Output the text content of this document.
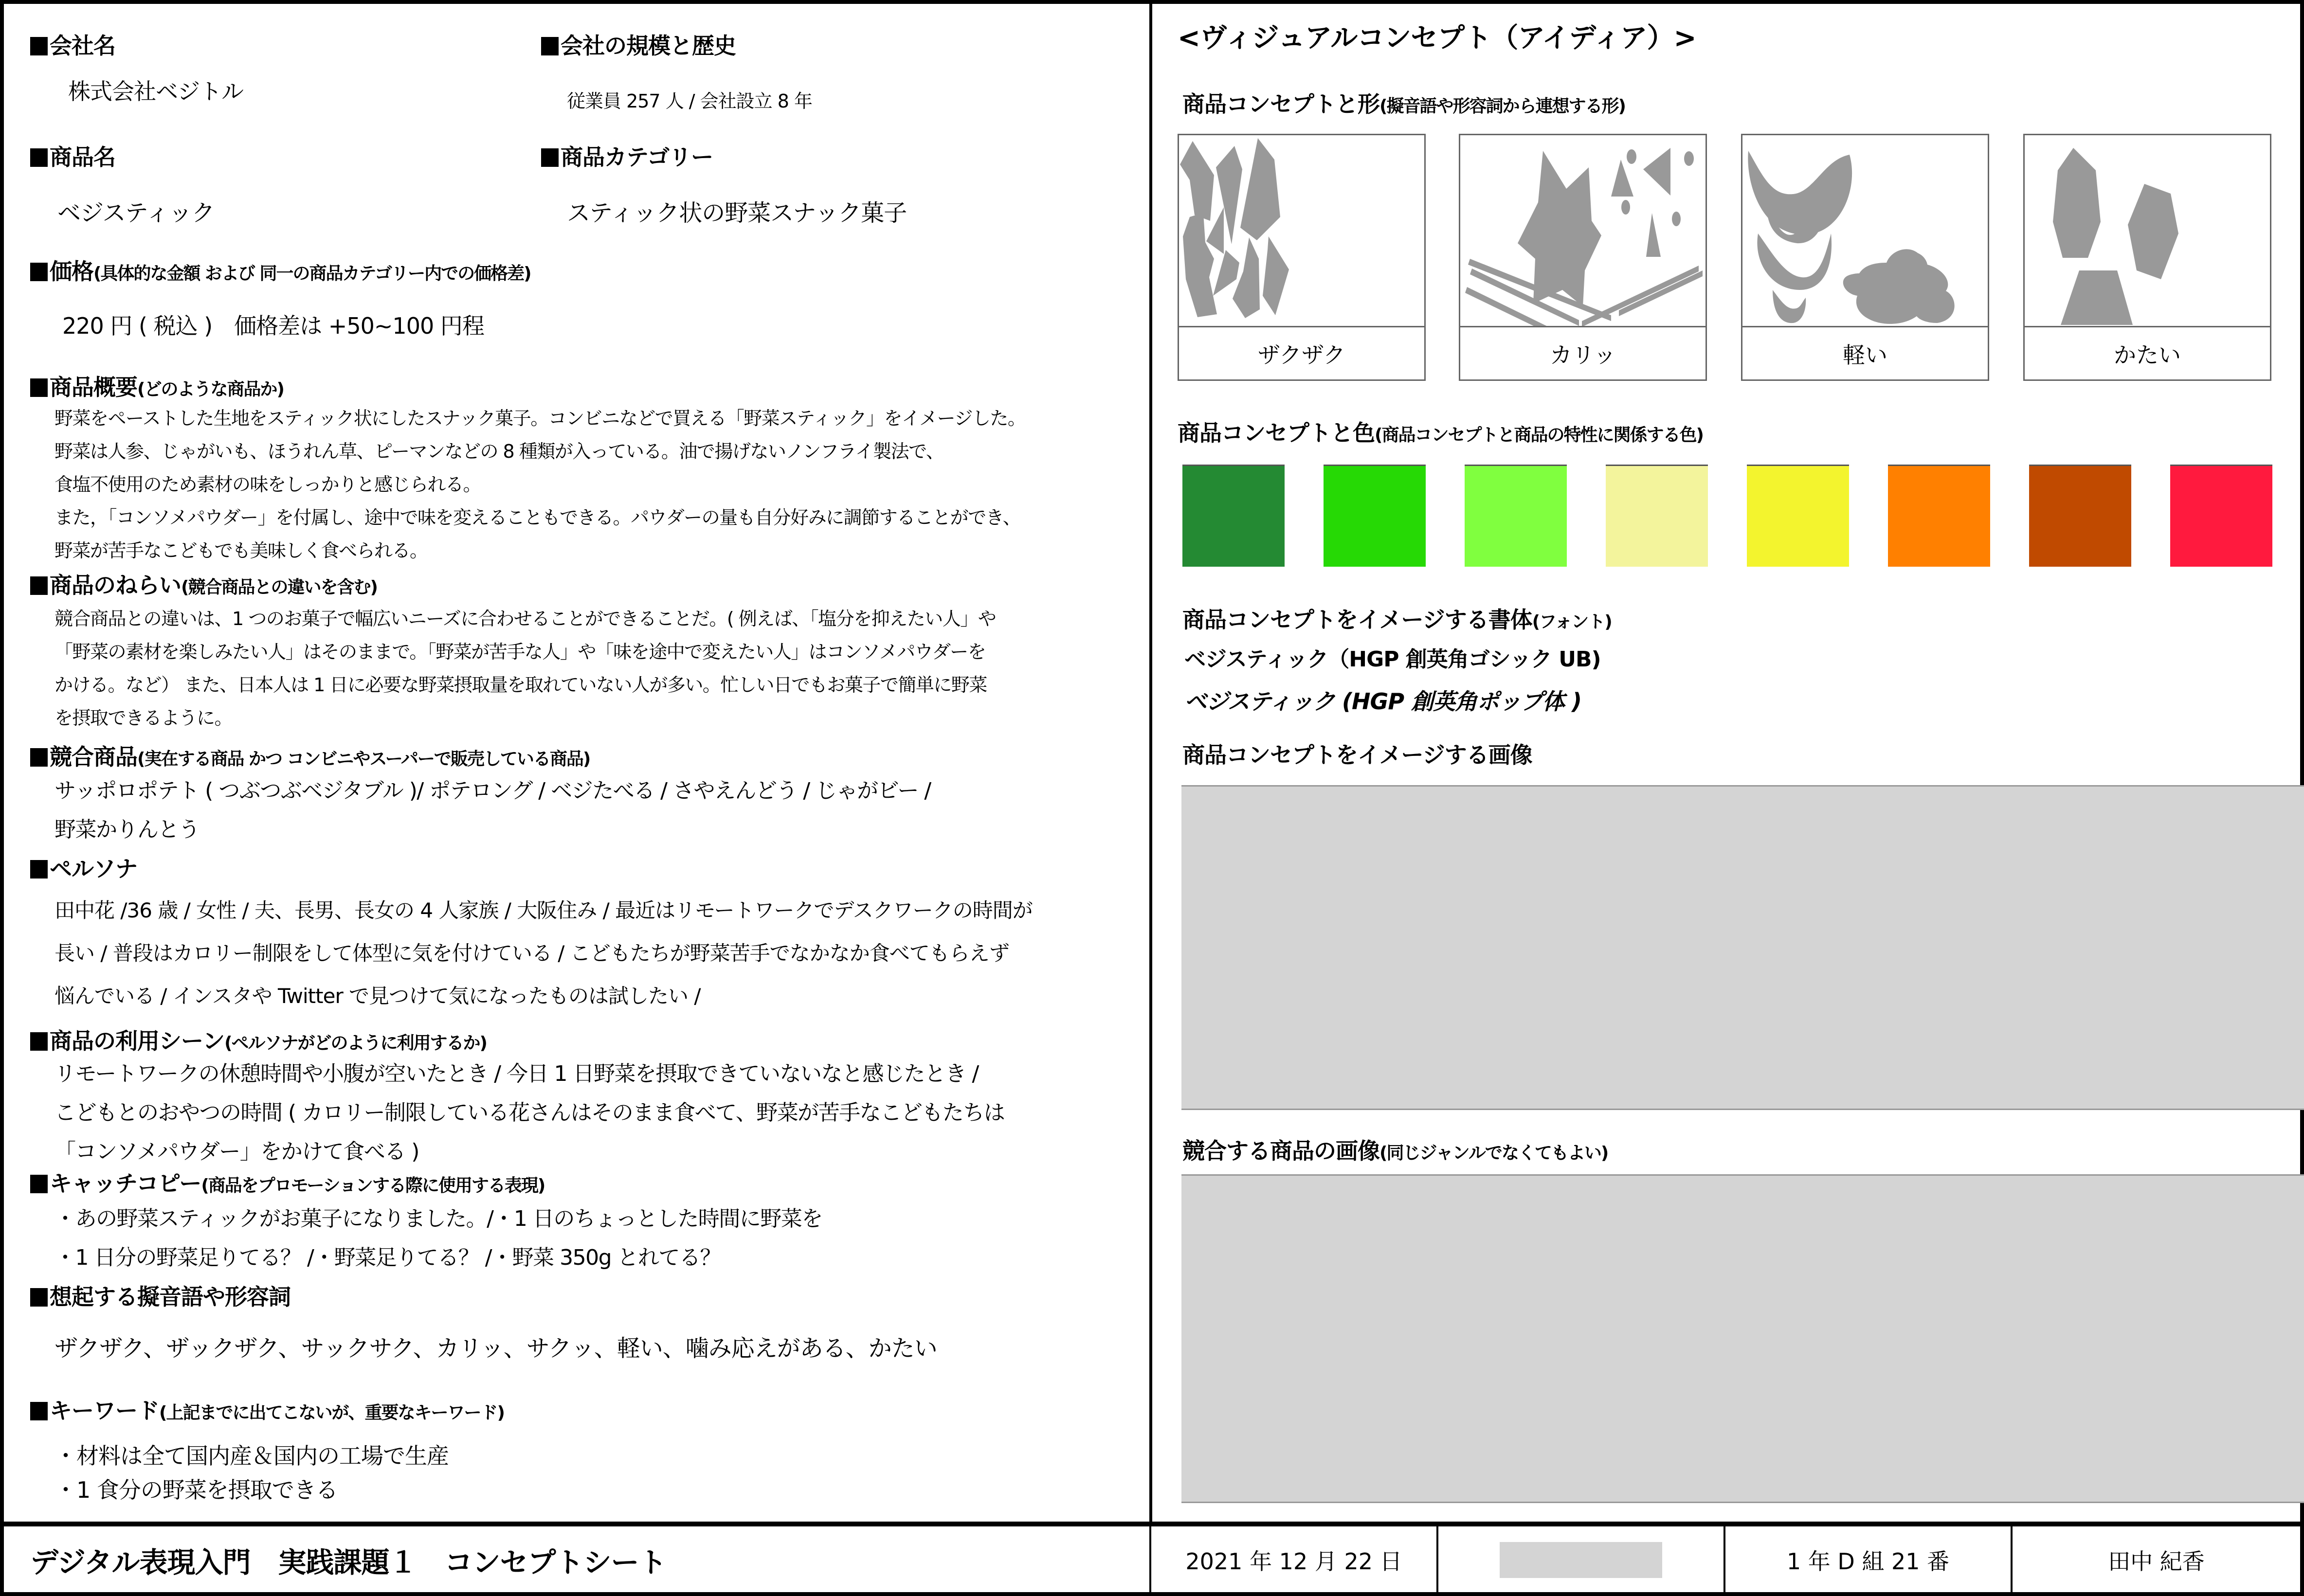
会社名
株式会社ベジトル
会社の規模と歴史
従業員 257 人 / 会社設立 8 年
商品名
ベジスティック
商品カテゴリー
スティック状の野菜スナック菓子
価格(具体的な金額 および 同一の商品カテゴリー内での価格差)
220 円 ( 税込 )　価格差は +50~100 円程
商品概要(どのような商品か)
野菜をペーストした生地をスティック状にしたスナック菓子。コンビニなどで買える「野菜スティック」をイメージした。
野菜は人参、じゃがいも、ほうれん草、ピーマンなどの 8 種類が入っている。油で揚げないノンフライ製法で、
食塩不使用のため素材の味をしっかりと感じられる。
また，「コンソメパウダー」を付属し、途中で味を変えることもできる。パウダーの量も自分好みに調節することができ、
野菜が苦手なこどもでも美味しく食べられる。
商品のねらい(競合商品との違いを含む)
競合商品との違いは、1 つのお菓子で幅広いニーズに合わせることができることだ。( 例えば、「塩分を抑えたい人」や
「野菜の素材を楽しみたい人」はそのままで。「野菜が苦手な人」や「味を途中で変えたい人」はコンソメパウダーを
かける。など） また、日本人は 1 日に必要な野菜摂取量を取れていない人が多い。忙しい日でもお菓子で簡単に野菜
を摂取できるように。
競合商品(実在する商品 かつ コンビニやスーパーで販売している商品)
サッポロポテト ( つぶつぶベジタブル )/ ポテロング / ベジたべる / さやえんどう / じゃがビー /
野菜かりんとう
ペルソナ
田中花 /36 歳 / 女性 / 夫、長男、長女の 4 人家族 / 大阪住み / 最近はリモートワークでデスクワークの時間が
長い / 普段はカロリー制限をして体型に気を付けている / こどもたちが野菜苦手でなかなか食べてもらえず
悩んでいる / インスタや Twitter で見つけて気になったものは試したい /
商品の利用シーン(ペルソナがどのように利用するか)
リモートワークの休憩時間や小腹が空いたとき / 今日 1 日野菜を摂取できていないなと感じたとき /
こどもとのおやつの時間 ( カロリー制限している花さんはそのまま食べて、野菜が苦手なこどもたちは
「コンソメパウダー」をかけて食べる )
キャッチコピー(商品をプロモーションする際に使用する表現)
・あの野菜スティックがお菓子になりました。/・1 日のちょっとした時間に野菜を
・1 日分の野菜足りてる？ /・野菜足りてる？ /・野菜 350g とれてる？
想起する擬音語や形容詞
ザクザク、ザックザク、サックサク、カリッ、サクッ、軽い、噛み応えがある、かたい
キーワード(上記までに出てこないが、重要なキーワード)
・材料は全て国内産＆国内の工場で生産
・1 食分の野菜を摂取できる
<ヴィジュアルコンセプト（アイディア）>
商品コンセプトと形(擬音語や形容詞から連想する形)
ザクザク	カリッ	軽い	かたい
商品コンセプトと色(商品コンセプトと商品の特性に関係する色)
商品コンセプトをイメージする書体(フォント)
ベジスティック（HGP 創英角ゴシック UB)
ベジスティック (HGP 創英角ポップ体 )
商品コンセプトをイメージする画像
競合する商品の画像(同じジャンルでなくてもよい)
デジタル表現入門　実践課題１　コンセプトシート	2021 年 12 月 22 日	1 年 D 組 21 番	田中 紀香
